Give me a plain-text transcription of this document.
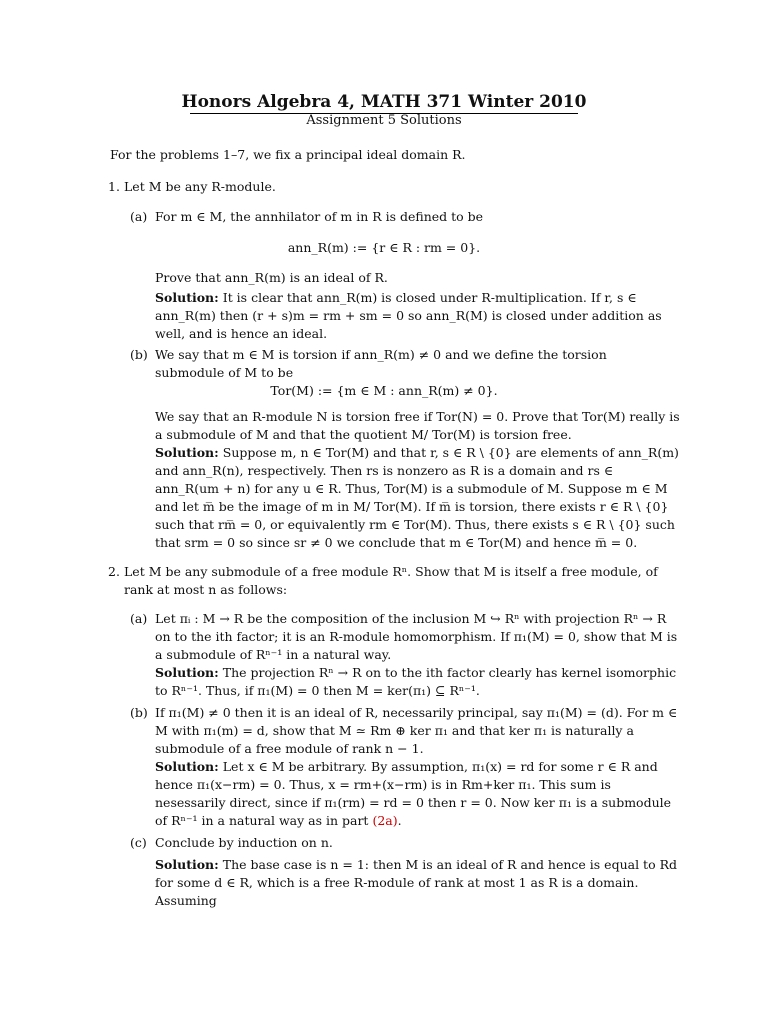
Honors Algebra 4, MATH 371 Winter 2010
Assignment 5 Solutions
For the problems 1–7, we fix a principal ideal domain R.
1. Let M be any R-module.
(a) For m ∈ M, the annhilator of m in R is defined to be
ann_R(m) := {r ∈ R : rm = 0}.
Prove that ann_R(m) is an ideal of R.
Solution: It is clear that ann_R(m) is closed under R-multiplication. If r, s ∈ ann_R(m) then (r + s)m = rm + sm = 0 so ann_R(M) is closed under addition as well, and is hence an ideal.
(b) We say that m ∈ M is torsion if ann_R(m) ≠ 0 and we define the torsion submodule of M to be
Tor(M) := {m ∈ M : ann_R(m) ≠ 0}.
We say that an R-module N is torsion free if Tor(N) = 0. Prove that Tor(M) really is a submodule of M and that the quotient M/ Tor(M) is torsion free.
Solution: Suppose m, n ∈ Tor(M) and that r, s ∈ R \ {0} are elements of ann_R(m) and ann_R(n), respectively. Then rs is nonzero as R is a domain and rs ∈ ann_R(um + n) for any u ∈ R. Thus, Tor(M) is a submodule of M. Suppose m ∈ M and let m̅ be the image of m in M/ Tor(M). If m̅ is torsion, there exists r ∈ R \ {0} such that rm̅ = 0, or equivalently rm ∈ Tor(M). Thus, there exists s ∈ R \ {0} such that srm = 0 so since sr ≠ 0 we conclude that m ∈ Tor(M) and hence m̅ = 0.
2. Let M be any submodule of a free module Rⁿ. Show that M is itself a free module, of rank at most n as follows:
(a) Let πᵢ : M → R be the composition of the inclusion M ↪ Rⁿ with projection Rⁿ → R on to the ith factor; it is an R-module homomorphism. If π₁(M) = 0, show that M is a submodule of Rⁿ⁻¹ in a natural way.
Solution: The projection Rⁿ → R on to the ith factor clearly has kernel isomorphic to Rⁿ⁻¹. Thus, if π₁(M) = 0 then M = ker(π₁) ⊆ Rⁿ⁻¹.
(b) If π₁(M) ≠ 0 then it is an ideal of R, necessarily principal, say π₁(M) = (d). For m ∈ M with π₁(m) = d, show that M ≃ Rm ⊕ ker π₁ and that ker π₁ is naturally a submodule of a free module of rank n − 1.
Solution: Let x ∈ M be arbitrary. By assumption, π₁(x) = rd for some r ∈ R and hence π₁(x−rm) = 0. Thus, x = rm+(x−rm) is in Rm+ker π₁. This sum is nesessarily direct, since if π₁(rm) = rd = 0 then r = 0. Now ker π₁ is a submodule of Rⁿ⁻¹ in a natural way as in part (2a).
(c) Conclude by induction on n.
Solution: The base case is n = 1: then M is an ideal of R and hence is equal to Rd for some d ∈ R, which is a free R-module of rank at most 1 as R is a domain. Assuming
